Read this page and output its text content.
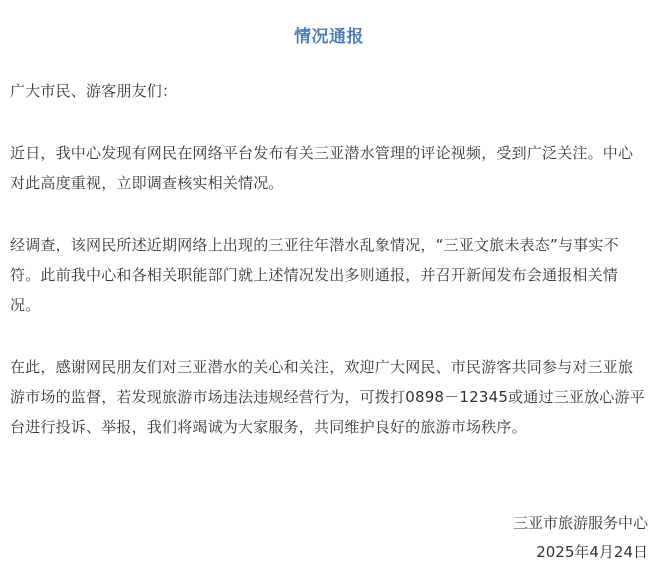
情况通报

广大市民、游客朋友们：

近日，我中心发现有网民在网络平台发布有关三亚潜水管理的评论视频，受到广泛关注。中心对此高度重视，立即调查核实相关情况。

经调查，该网民所述近期网络上出现的三亚往年潜水乱象情况，“三亚文旅未表态”与事实不符。此前我中心和各相关职能部门就上述情况发出多则通报，并召开新闻发布会通报相关情况。

在此，感谢网民朋友们对三亚潜水的关心和关注，欢迎广大网民、市民游客共同参与对三亚旅游市场的监督，若发现旅游市场违法违规经营行为，可拨打0898－12345或通过三亚放心游平台进行投诉、举报，我们将竭诚为大家服务，共同维护良好的旅游市场秩序。

三亚市旅游服务中心
2025年4月24日
